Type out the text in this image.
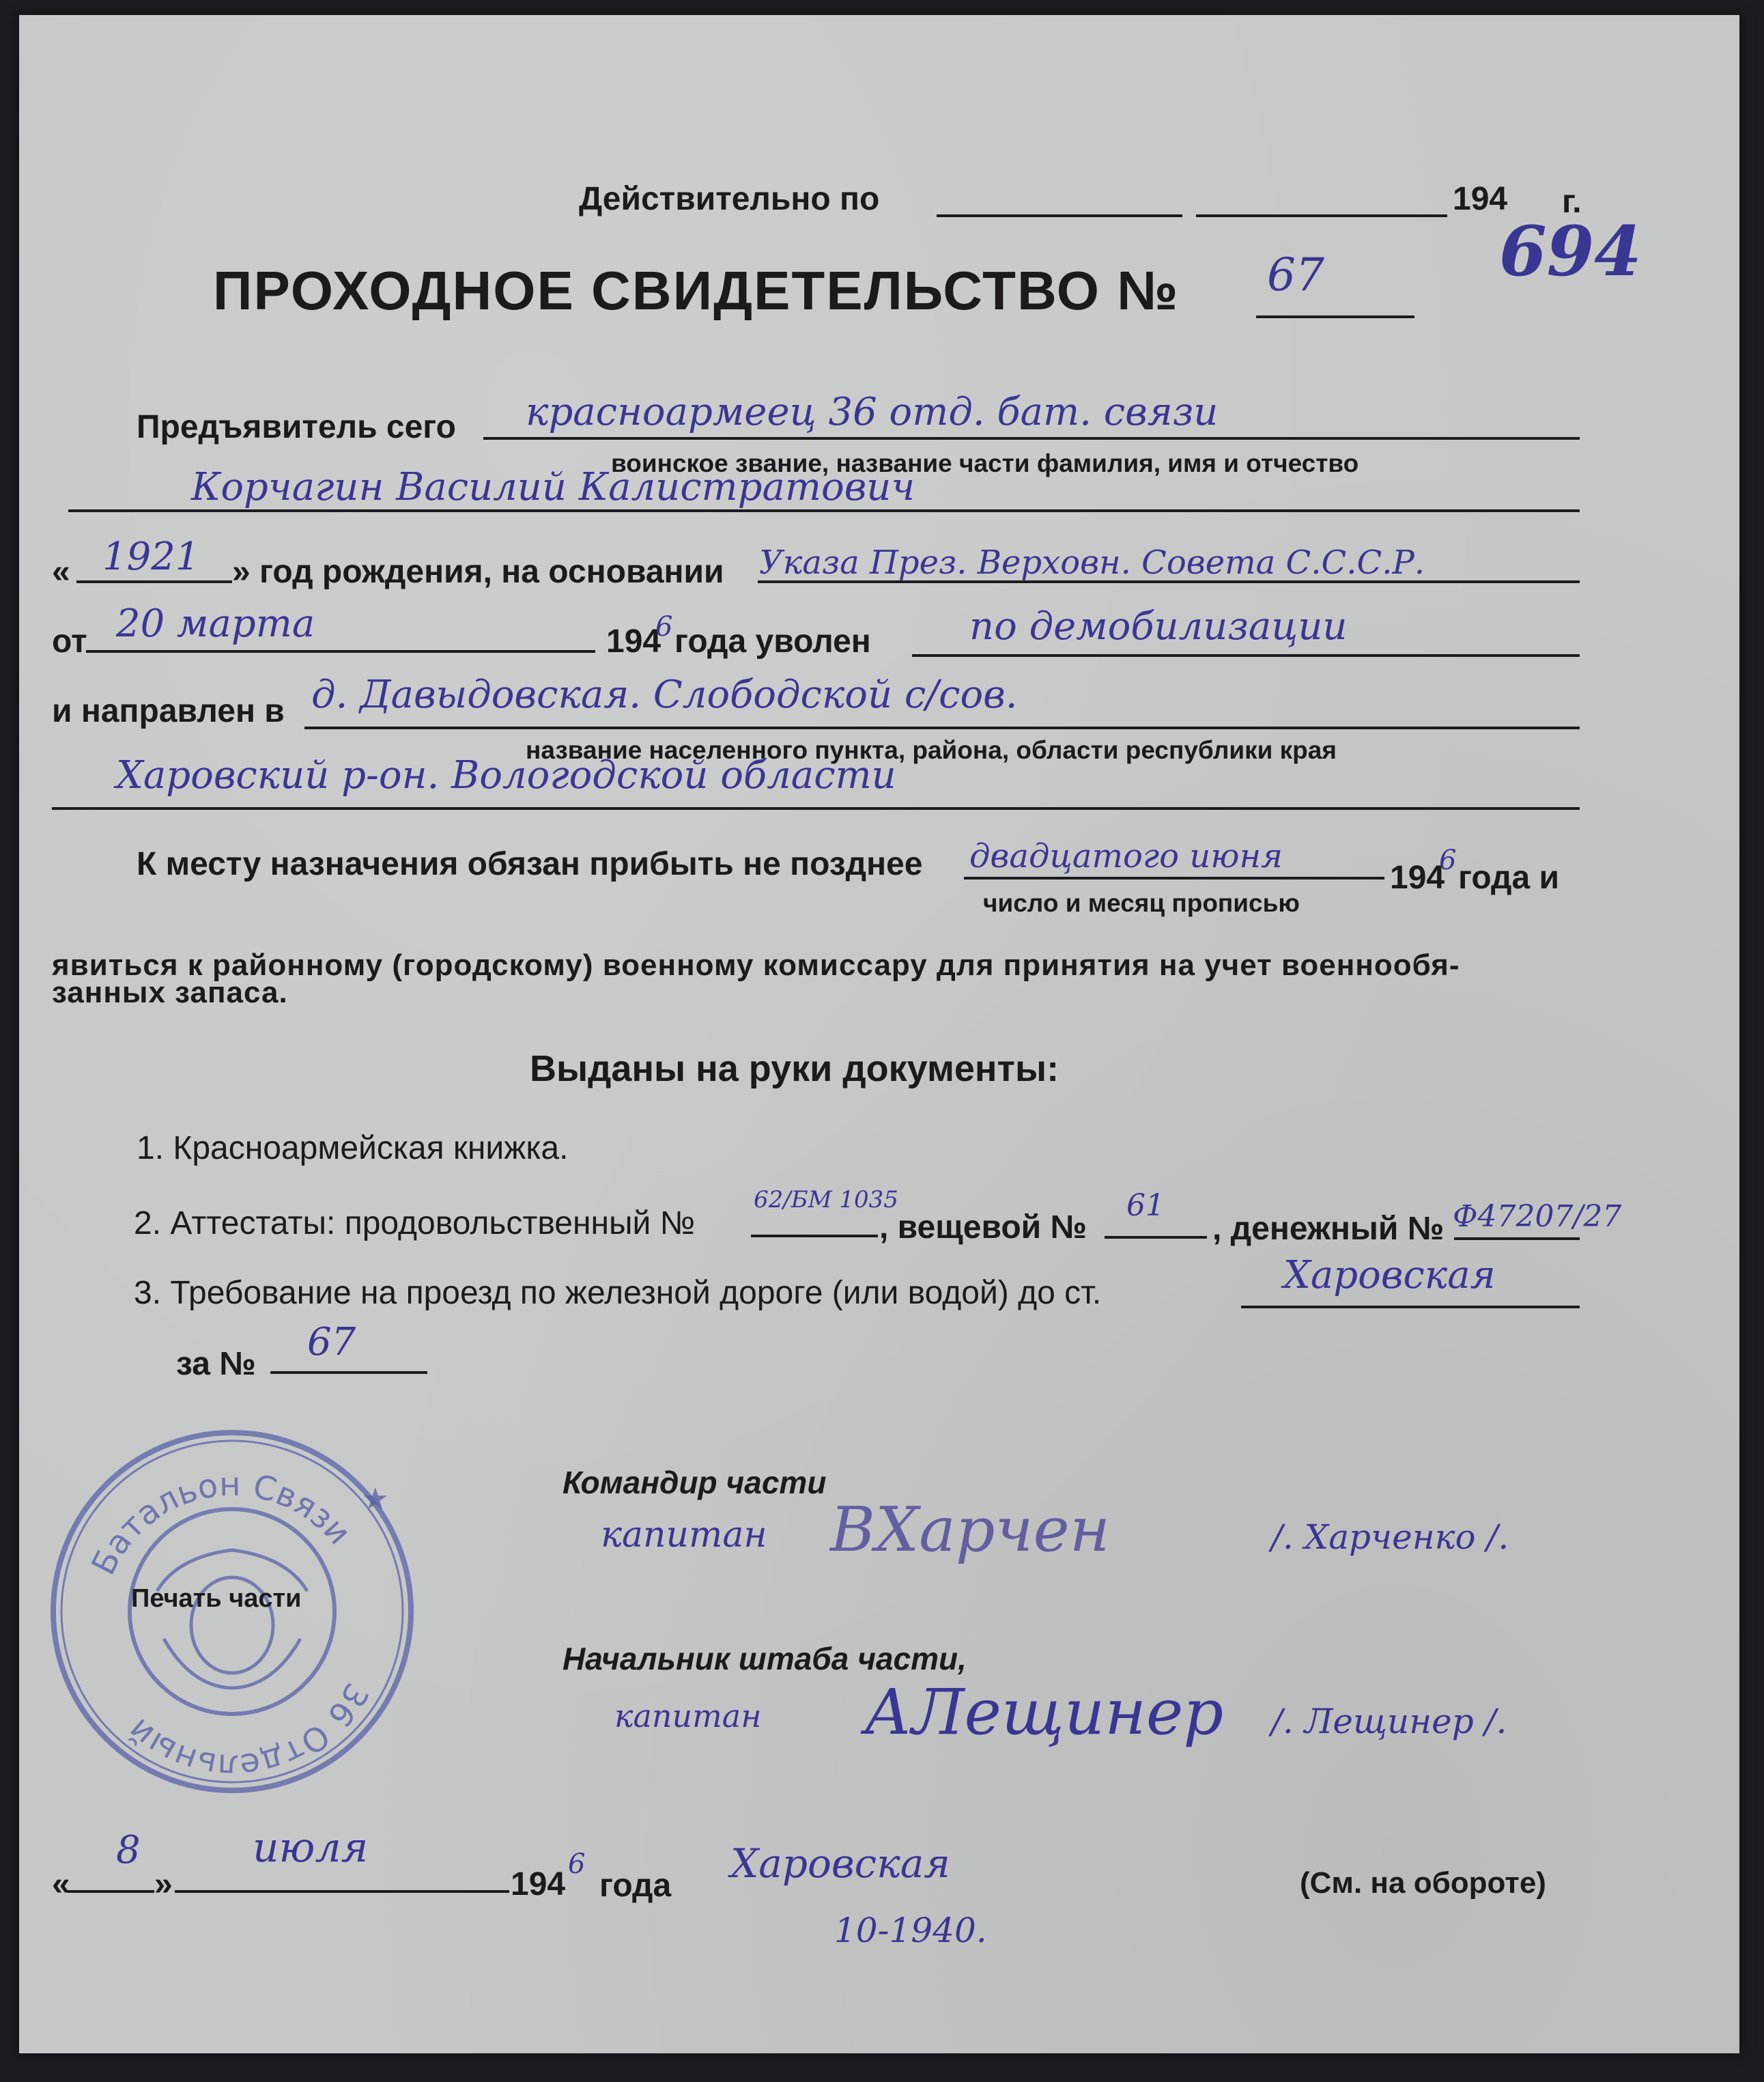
Действительно по	194 г.
ПРОХОДНОЕ СВИДЕТЕЛЬСТВО № 67	694
Предъявитель сего красноармеец 36 отд. бат. связи
воинское звание, название части фамилия, имя и отчество
Корчагин Василий Калистратович
« 1921 » год рождения, на основании Указа През. Верховн. Совета С.С.С.Р.
от 20 марта	194
6 года уволен	по демобилизации
и направлен в д. Давыдовская. Слободской с/сов.
название населенного пункта, района, области республики края
Харовский р-он. Вологодской области
К месту назначения обязан прибыть не позднее двадцатого июня
194
6 года и
число и месяц прописью
явиться к районному (городскому) военному комиссару для принятия на учет военнообя-
занных запаса.
Выданы на руки документы:
1. Красноармейская книжка.
2. Аттестаты: продовольственный №
62/БМ 1035
, вещевой №
61
, денежный № Ф47207/27
3. Требование на проезд по железной дороге (или водой) до ст.	Харовская
за № 67
Батальон Связи
36 Отдельный
★
Печать части
Командир части
капитан ВХарчен	/. Харченко /.
Начальник штаба части,
капитан АЛещинер /. Лещинер /.
«
8
»
июля
194
6
года Харовская
10-1940.
(См. на обороте)
